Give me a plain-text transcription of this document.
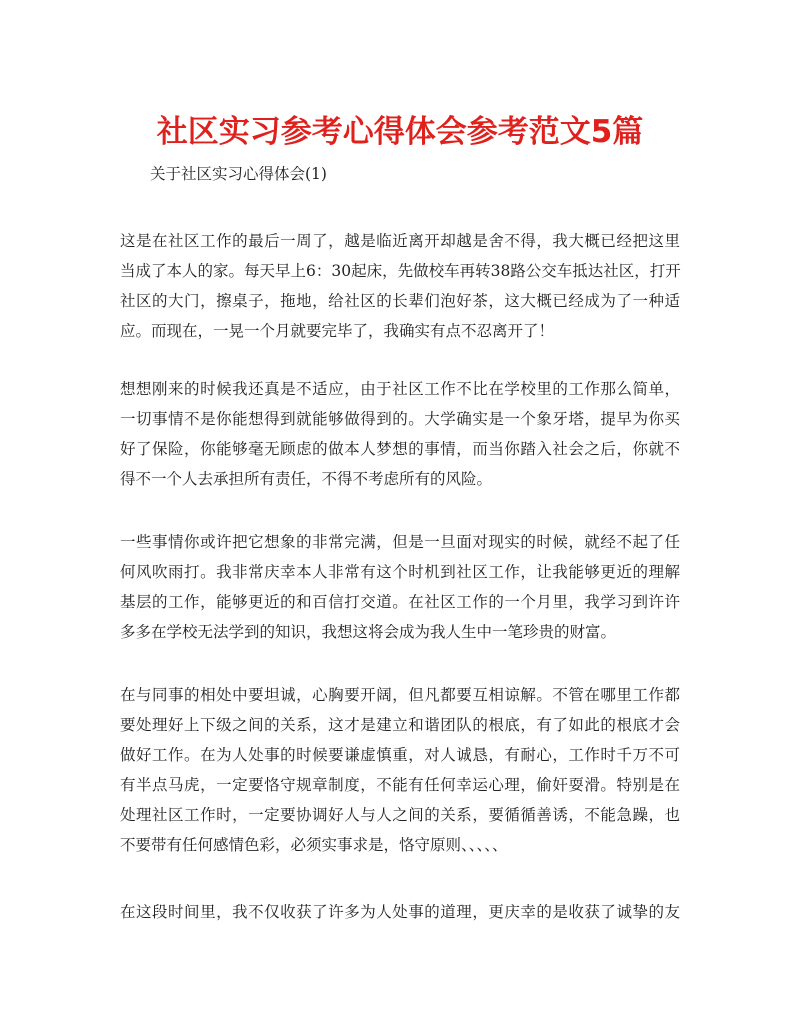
社区实习参考心得体会参考范文5篇

关于社区实习心得体会(1)

这是在社区工作的最后一周了，越是临近离开却越是舍不得，我大概已经把这里
当成了本人的家。每天早上6：30起床，先做校车再转38路公交车抵达社区，打开
社区的大门，擦桌子，拖地，给社区的长辈们泡好茶，这大概已经成为了一种适
应。而现在，一晃一个月就要完毕了，我确实有点不忍离开了！
想想刚来的时候我还真是不适应，由于社区工作不比在学校里的工作那么简单，
一切事情不是你能想得到就能够做得到的。大学确实是一个象牙塔，提早为你买
好了保险，你能够毫无顾虑的做本人梦想的事情，而当你踏入社会之后，你就不
得不一个人去承担所有责任，不得不考虑所有的风险。
一些事情你或许把它想象的非常完满，但是一旦面对现实的时候，就经不起了任
何风吹雨打。我非常庆幸本人非常有这个时机到社区工作，让我能够更近的理解
基层的工作，能够更近的和百信打交道。在社区工作的一个月里，我学习到许许
多多在学校无法学到的知识，我想这将会成为我人生中一笔珍贵的财富。
在与同事的相处中要坦诚，心胸要开阔，但凡都要互相谅解。不管在哪里工作都
要处理好上下级之间的关系，这才是建立和谐团队的根底，有了如此的根底才会
做好工作。在为人处事的时候要谦虚慎重，对人诚恳，有耐心，工作时千万不可
有半点马虎，一定要恪守规章制度，不能有任何幸运心理，偷奸耍滑。特别是在
处理社区工作时，一定要协调好人与人之间的关系，要循循善诱，不能急躁，也
不要带有任何感情色彩，必须实事求是，恪守原则、、、、、
在这段时间里，我不仅收获了许多为人处事的道理，更庆幸的是收获了诚挚的友
